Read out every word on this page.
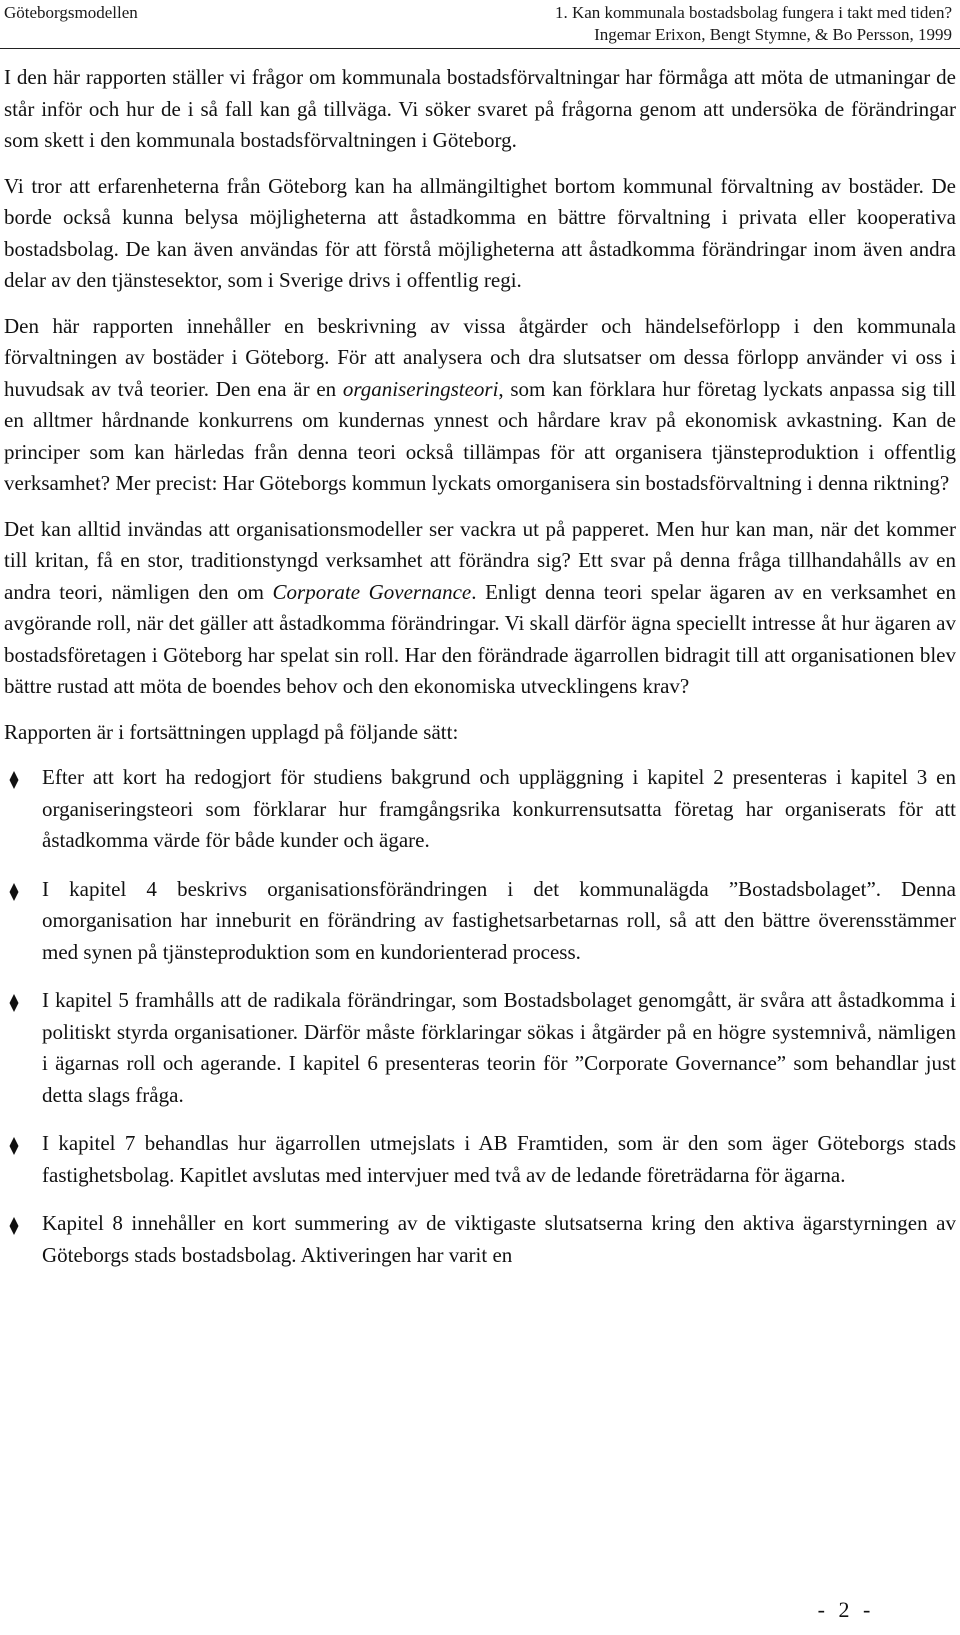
Göteborgsmodellen	1. Kan kommunala bostadsbolag fungera i takt med tiden?
Ingemar Erixon, Bengt Stymne, & Bo Persson, 1999

I den här rapporten ställer vi frågor om kommunala bostadsförvaltningar har förmåga att möta de utmaningar de står inför och hur de i så fall kan gå tillväga. Vi söker svaret på frågorna genom att undersöka de förändringar som skett i den kommunala bostadsförvaltningen i Göteborg.

Vi tror att erfarenheterna från Göteborg kan ha allmängiltighet bortom kommunal förvaltning av bostäder. De borde också kunna belysa möjligheterna att åstadkomma en bättre förvaltning i privata eller kooperativa bostadsbolag. De kan även användas för att förstå möjligheterna att åstadkomma förändringar inom även andra delar av den tjänstesektor, som i Sverige drivs i offentlig regi.

Den här rapporten innehåller en beskrivning av vissa åtgärder och händelseförlopp i den kommunala förvaltningen av bostäder i Göteborg. För att analysera och dra slutsatser om dessa förlopp använder vi oss i huvudsak av två teorier. Den ena är en organiseringsteori, som kan förklara hur företag lyckats anpassa sig till en alltmer hårdnande konkurrens om kundernas ynnest och hårdare krav på ekonomisk avkastning. Kan de principer som kan härledas från denna teori också tillämpas för att organisera tjänsteproduktion i offentlig verksamhet? Mer precist: Har Göteborgs kommun lyckats omorganisera sin bostadsförvaltning i denna riktning?

Det kan alltid invändas att organisationsmodeller ser vackra ut på papperet. Men hur kan man, när det kommer till kritan, få en stor, traditionstyngd verksamhet att förändra sig? Ett svar på denna fråga tillhandahålls av en andra teori, nämligen den om Corporate Governance. Enligt denna teori spelar ägaren av en verksamhet en avgörande roll, när det gäller att åstadkomma förändringar. Vi skall därför ägna speciellt intresse åt hur ägaren av bostadsföretagen i Göteborg har spelat sin roll. Har den förändrade ägarrollen bidragit till att organisationen blev bättre rustad att möta de boendes behov och den ekonomiska utvecklingens krav?

Rapporten är i fortsättningen upplagd på följande sätt:

Efter att kort ha redogjort för studiens bakgrund och uppläggning i kapitel 2 presenteras i kapitel 3 en organiseringsteori som förklarar hur framgångsrika konkurrensutsatta företag har organiserats för att åstadkomma värde för både kunder och ägare.
I kapitel 4 beskrivs organisationsförändringen i det kommunalägda ”Bostadsbolaget”. Denna omorganisation har inneburit en förändring av fastighetsarbetarnas roll, så att den bättre överensstämmer med synen på tjänsteproduktion som en kundorienterad process.
I kapitel 5 framhålls att de radikala förändringar, som Bostadsbolaget genomgått, är svåra att åstadkomma i politiskt styrda organisationer. Därför måste förklaringar sökas i åtgärder på en högre systemnivå, nämligen i ägarnas roll och agerande. I kapitel 6 presenteras teorin för ”Corporate Governance” som behandlar just detta slags fråga.
I kapitel 7 behandlas hur ägarrollen utmejslats i AB Framtiden, som är den som äger Göteborgs stads fastighetsbolag. Kapitlet avslutas med intervjuer med två av de ledande företrädarna för ägarna.
Kapitel 8 innehåller en kort summering av de viktigaste slutsatserna kring den aktiva ägarstyrningen av Göteborgs stads bostadsbolag. Aktiveringen har varit en
- 2 -
